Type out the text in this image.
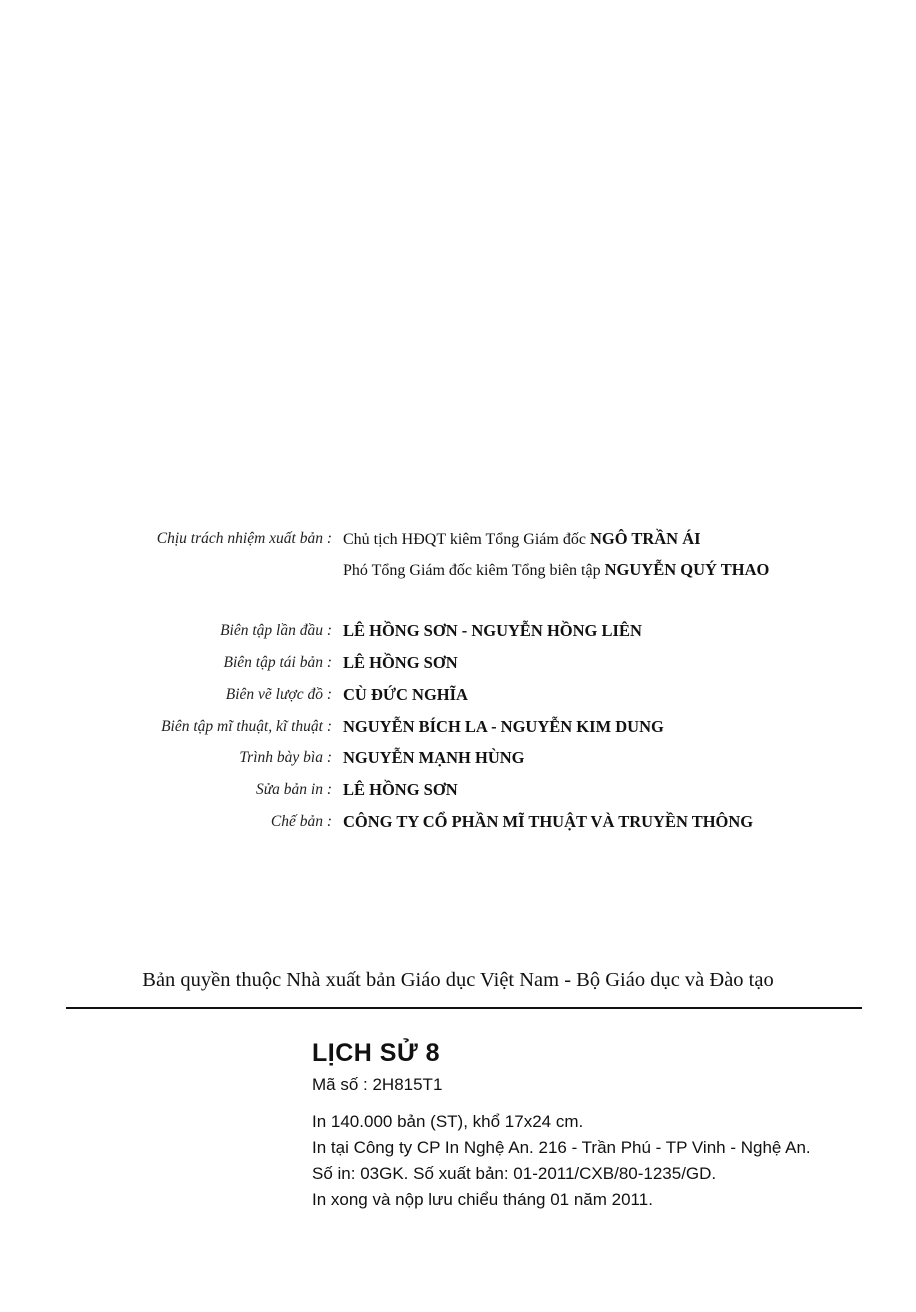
Chịu trách nhiệm xuất bản : Chủ tịch HĐQT kiêm Tổng Giám đốc NGÔ TRẦN ÁI
Phó Tổng Giám đốc kiêm Tổng biên tập NGUYỄN QUÝ THAO
Biên tập lần đầu : LÊ HỒNG SƠN - NGUYỄN HỒNG LIÊN
Biên tập tái bản : LÊ HỒNG SƠN
Biên vẽ lược đồ : CÙ ĐỨC NGHĨA
Biên tập mĩ thuật, kĩ thuật : NGUYỄN BÍCH LA - NGUYỄN KIM DUNG
Trình bày bìa : NGUYỄN MẠNH HÙNG
Sửa bản in : LÊ HỒNG SƠN
Chế bản : CÔNG TY CỔ PHẦN MĨ THUẬT VÀ TRUYỀN THÔNG
Bản quyền thuộc Nhà xuất bản Giáo dục Việt Nam - Bộ Giáo dục và Đào tạo
LỊCH SỬ 8
Mã số : 2H815T1
In 140.000 bản (ST), khổ 17x24 cm.
In tại Công ty CP In Nghệ An. 216 - Trần Phú - TP Vinh - Nghệ An.
Số in: 03GK. Số xuất bản: 01-2011/CXB/80-1235/GD.
In xong và nộp lưu chiểu tháng 01 năm 2011.
